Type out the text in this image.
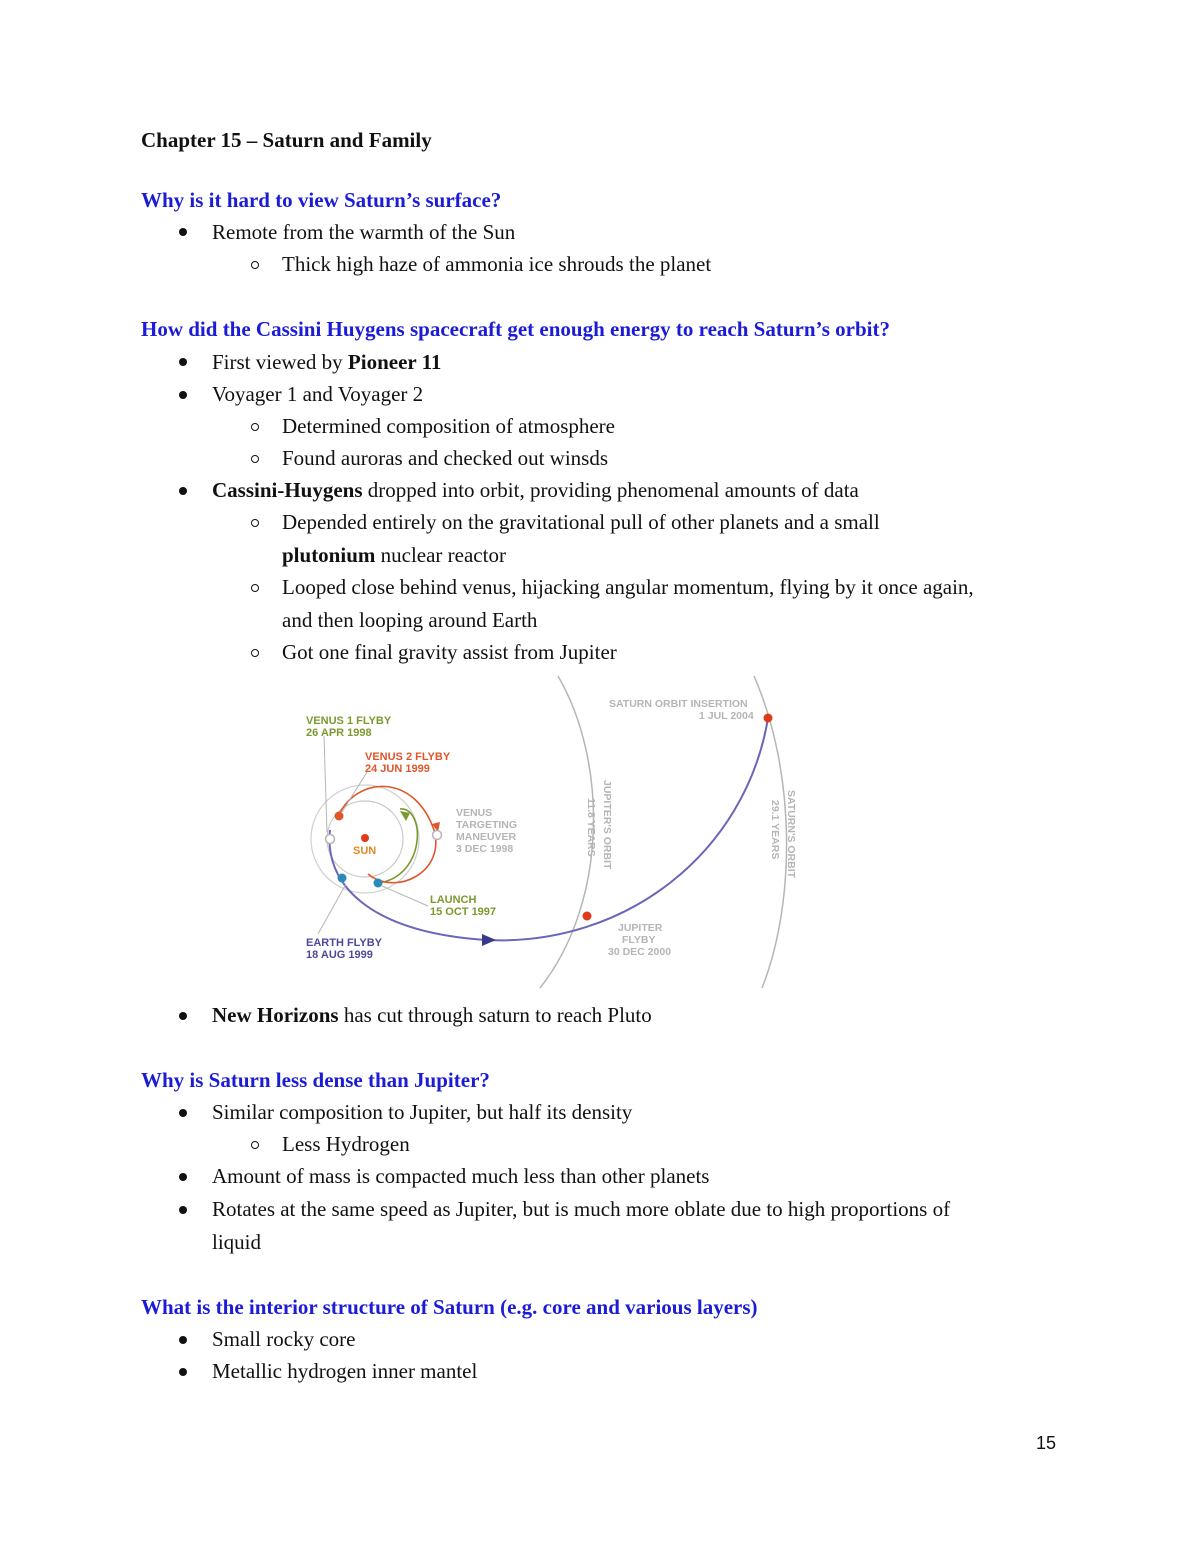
Chapter 15 – Saturn and Family
Why is it hard to view Saturn’s surface?
Remote from the warmth of the Sun
Thick high haze of ammonia ice shrouds the planet
How did the Cassini Huygens spacecraft get enough energy to reach Saturn’s orbit?
First viewed by Pioneer 11
Voyager 1 and Voyager 2
Determined composition of atmosphere
Found auroras and checked out winsds
Cassini-Huygens dropped into orbit, providing phenomenal amounts of data
Depended entirely on the gravitational pull of other planets and a small
plutonium nuclear reactor
Looped close behind venus, hijacking angular momentum, flying by it once again,
and then looping around Earth
Got one final gravity assist from Jupiter
VENUS 1 FLYBY
26 APR 1998
VENUS 2 FLYBY
24 JUN 1999
SUN
VENUS
TARGETING
MANEUVER
3 DEC 1998
LAUNCH
15 OCT 1997
EARTH FLYBY
18 AUG 1999
JUPITER
FLYBY
30 DEC 2000
SATURN ORBIT INSERTION
1 JUL 2004
JUPITER'S ORBIT
11.8 YEARS	SATURN'S ORBIT
29.1 YEARS
New Horizons has cut through saturn to reach Pluto
Why is Saturn less dense than Jupiter?
Similar composition to Jupiter, but half its density
Less Hydrogen
Amount of mass is compacted much less than other planets
Rotates at the same speed as Jupiter, but is much more oblate due to high proportions of
liquid
What is the interior structure of Saturn (e.g. core and various layers)
Small rocky core
Metallic hydrogen inner mantel
15
